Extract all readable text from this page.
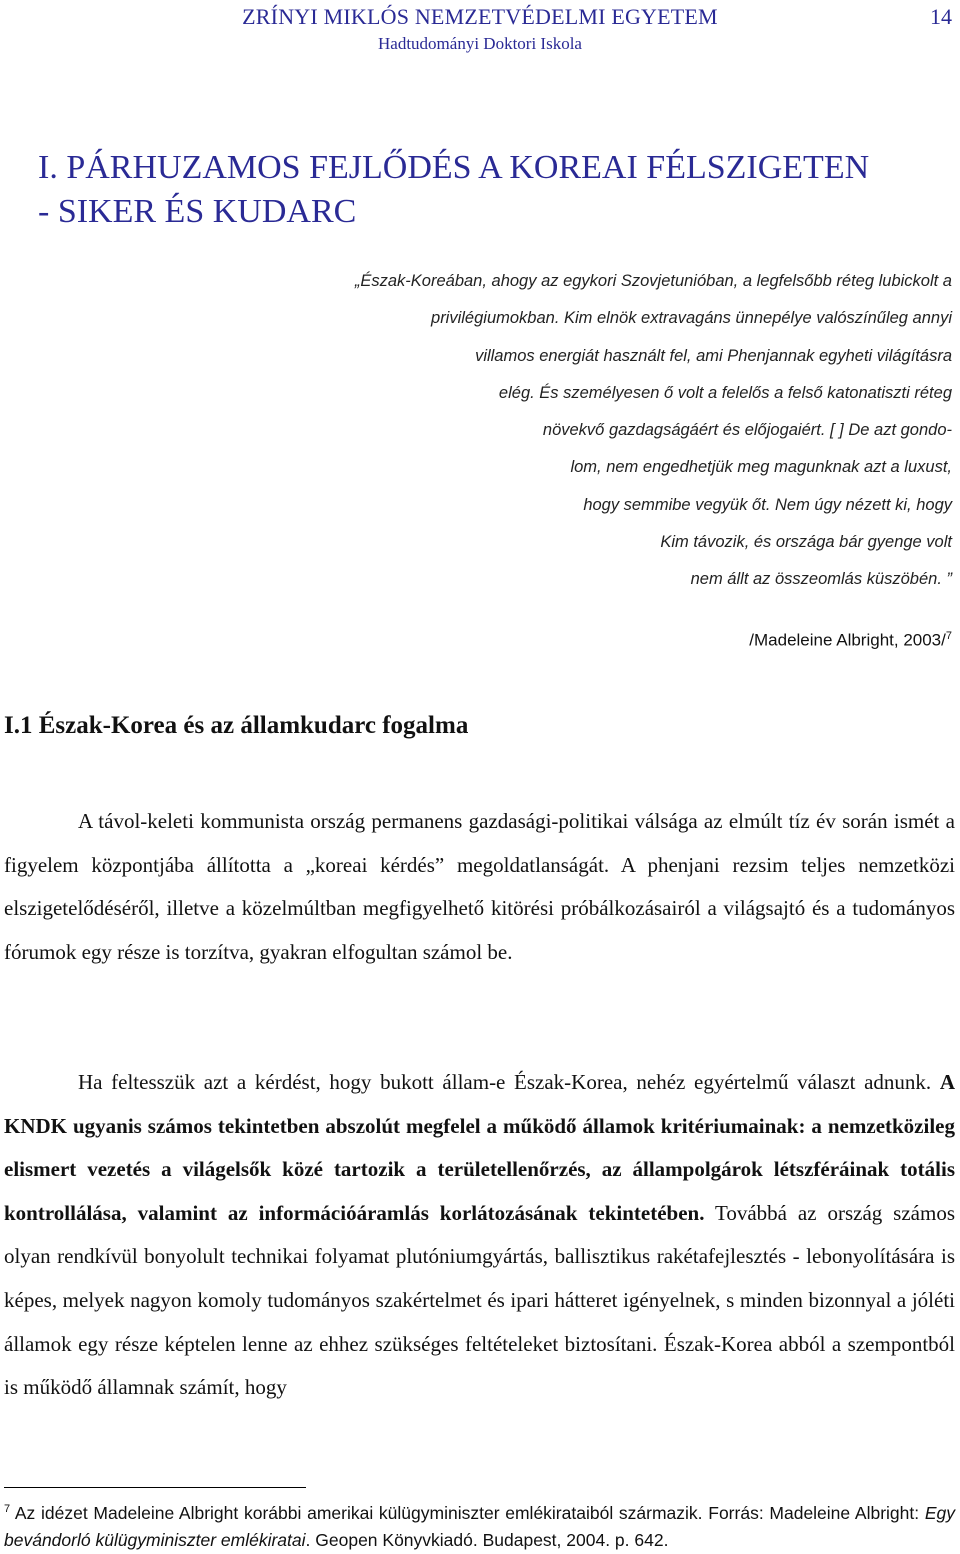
ZRÍNYI MIKLÓS NEMZETVÉDELMI EGYETEM
Hadtudományi Doktori Iskola
14
I. PÁRHUZAMOS FEJLŐDÉS A KOREAI FÉLSZIGETEN
- SIKER ÉS KUDARC
„Észak-Koreában, ahogy az egykori Szovjetunióban, a legfelsőbb réteg lubickolt a
privilégiumokban. Kim elnök extravagáns ünnepélye valószínűleg annyi
villamos energiát használt fel, ami Phenjannak egyheti világításra
elég. És személyesen ő volt a felelős a felső katonatiszti réteg
növekvő gazdagságáért és előjogaiért. [ ] De azt gondo-
lom, nem engedhetjük meg magunknak azt a luxust,
hogy semmibe vegyük őt. Nem úgy nézett ki, hogy
Kim távozik, és országa bár gyenge volt
nem állt az összeomlás küszöbén. ”
/Madeleine Albright, 2003/$^7$
I.1 Észak-Korea és az államkudarc fogalma

A távol-keleti kommunista ország permanens gazdasági-politikai válsága az elmúlt tíz év során ismét a figyelem központjába állította a „koreai kérdés” megoldatlanságát. A phenjani rezsim teljes nemzetközi elszigetelődéséről, illetve a közelmúltban megfigyelhető kitörési próbálkozásairól a világsajtó és a tudományos fórumok egy része is torzítva, gyakran elfogultan számol be.

Ha feltesszük azt a kérdést, hogy bukott állam-e Észak-Korea, nehéz egyértelmű választ adnunk. A KNDK ugyanis számos tekintetben abszolút megfelel a működő államok kritériumainak: a nemzetközileg elismert vezetés a világelsők közé tartozik a területellenőrzés, az állampolgárok létszféráinak totális kontrollálása, valamint az információáramlás korlátozásának tekintetében. Továbbá az ország számos olyan rendkívül bonyolult technikai folyamat plutóniumgyártás, ballisztikus rakétafejlesztés - lebonyolítására is képes, melyek nagyon komoly tudományos szakértelmet és ipari hátteret igényelnek, s minden bizonnyal a jóléti államok egy része képtelen lenne az ehhez szükséges feltételeket biztosítani. Észak-Korea abból a szempontból is működő államnak számít, hogy

$^7$ Az idézet Madeleine Albright korábbi amerikai külügyminiszter emlékirataiból származik. Forrás: Madeleine Albright: Egy bevándorló külügyminiszter emlékiratai. Geopen Könyvkiadó. Budapest, 2004. p. 642.
